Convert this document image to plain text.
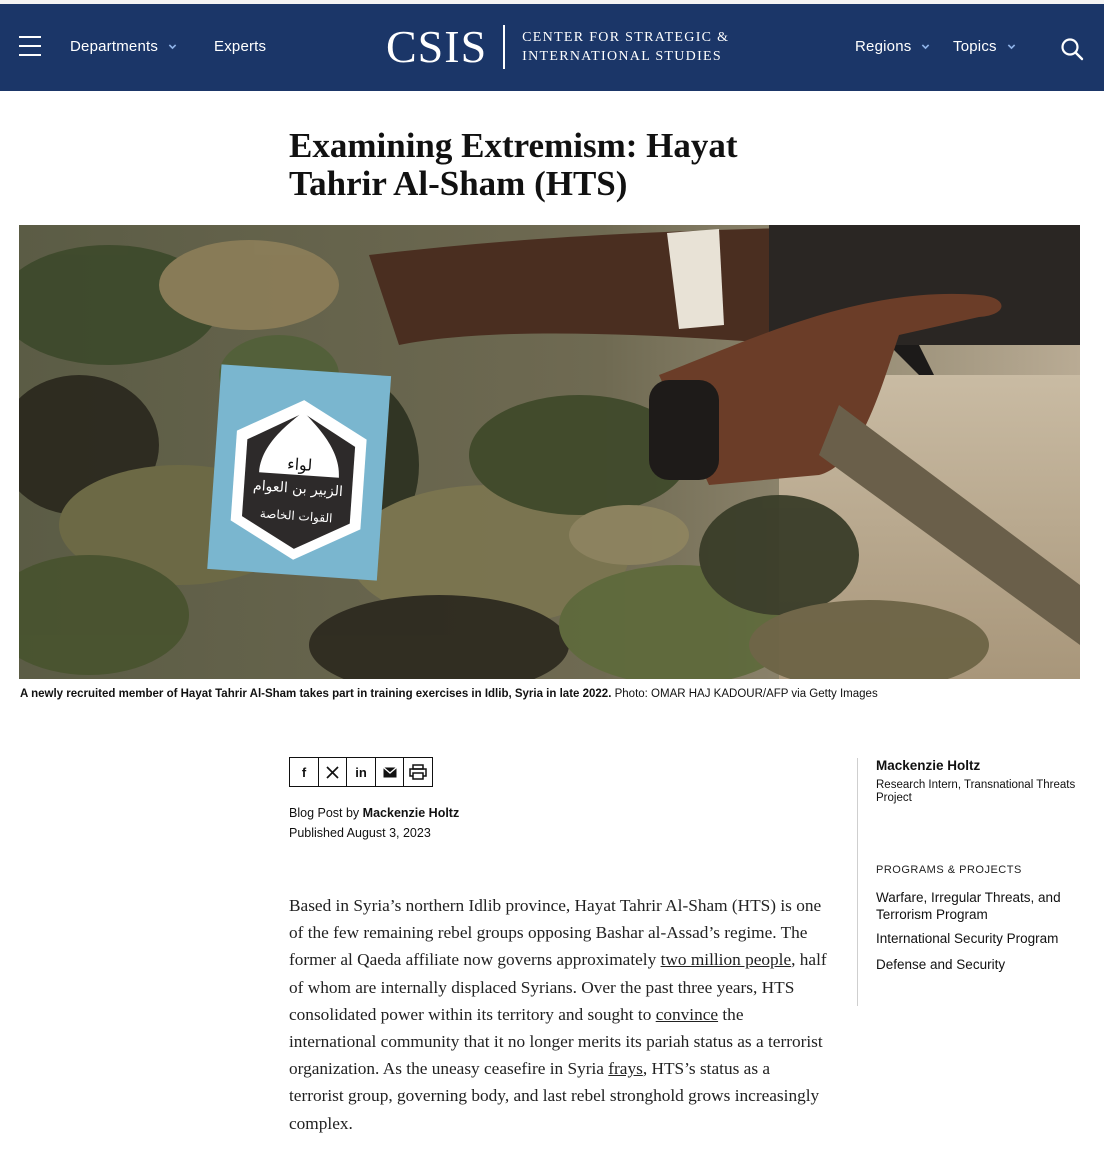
Departments	Experts	CSIS	CENTER FOR STRATEGIC &
INTERNATIONAL STUDIES
Regions	Topics
Examining Extremism: Hayat Tahrir Al-Sham (HTS)
لواء
الزبير بن العوام
القوات الخاصة
A newly recruited member of Hayat Tahrir Al-Sham takes part in training exercises in Idlib, Syria in late 2022. Photo: OMAR HAJ KADOUR/AFP via Getty Images
f	in
Blog Post by Mackenzie Holtz
Published August 3, 2023

Based in Syria’s northern Idlib province, Hayat Tahrir Al-Sham (HTS) is one of the few remaining rebel groups opposing Bashar al-Assad’s regime. The former al Qaeda affiliate now governs approximately two million people, half of whom are internally displaced Syrians. Over the past three years, HTS consolidated power within its territory and sought to convince the international community that it no longer merits its pariah status as a terrorist organization. As the uneasy ceasefire in Syria frays, HTS’s status as a terrorist group, governing body, and last rebel stronghold grows increasingly complex.

Mackenzie Holtz
Research Intern, Transnational Threats Project
PROGRAMS & PROJECTS
Warfare, Irregular Threats, and Terrorism Program
International Security Program
Defense and Security
